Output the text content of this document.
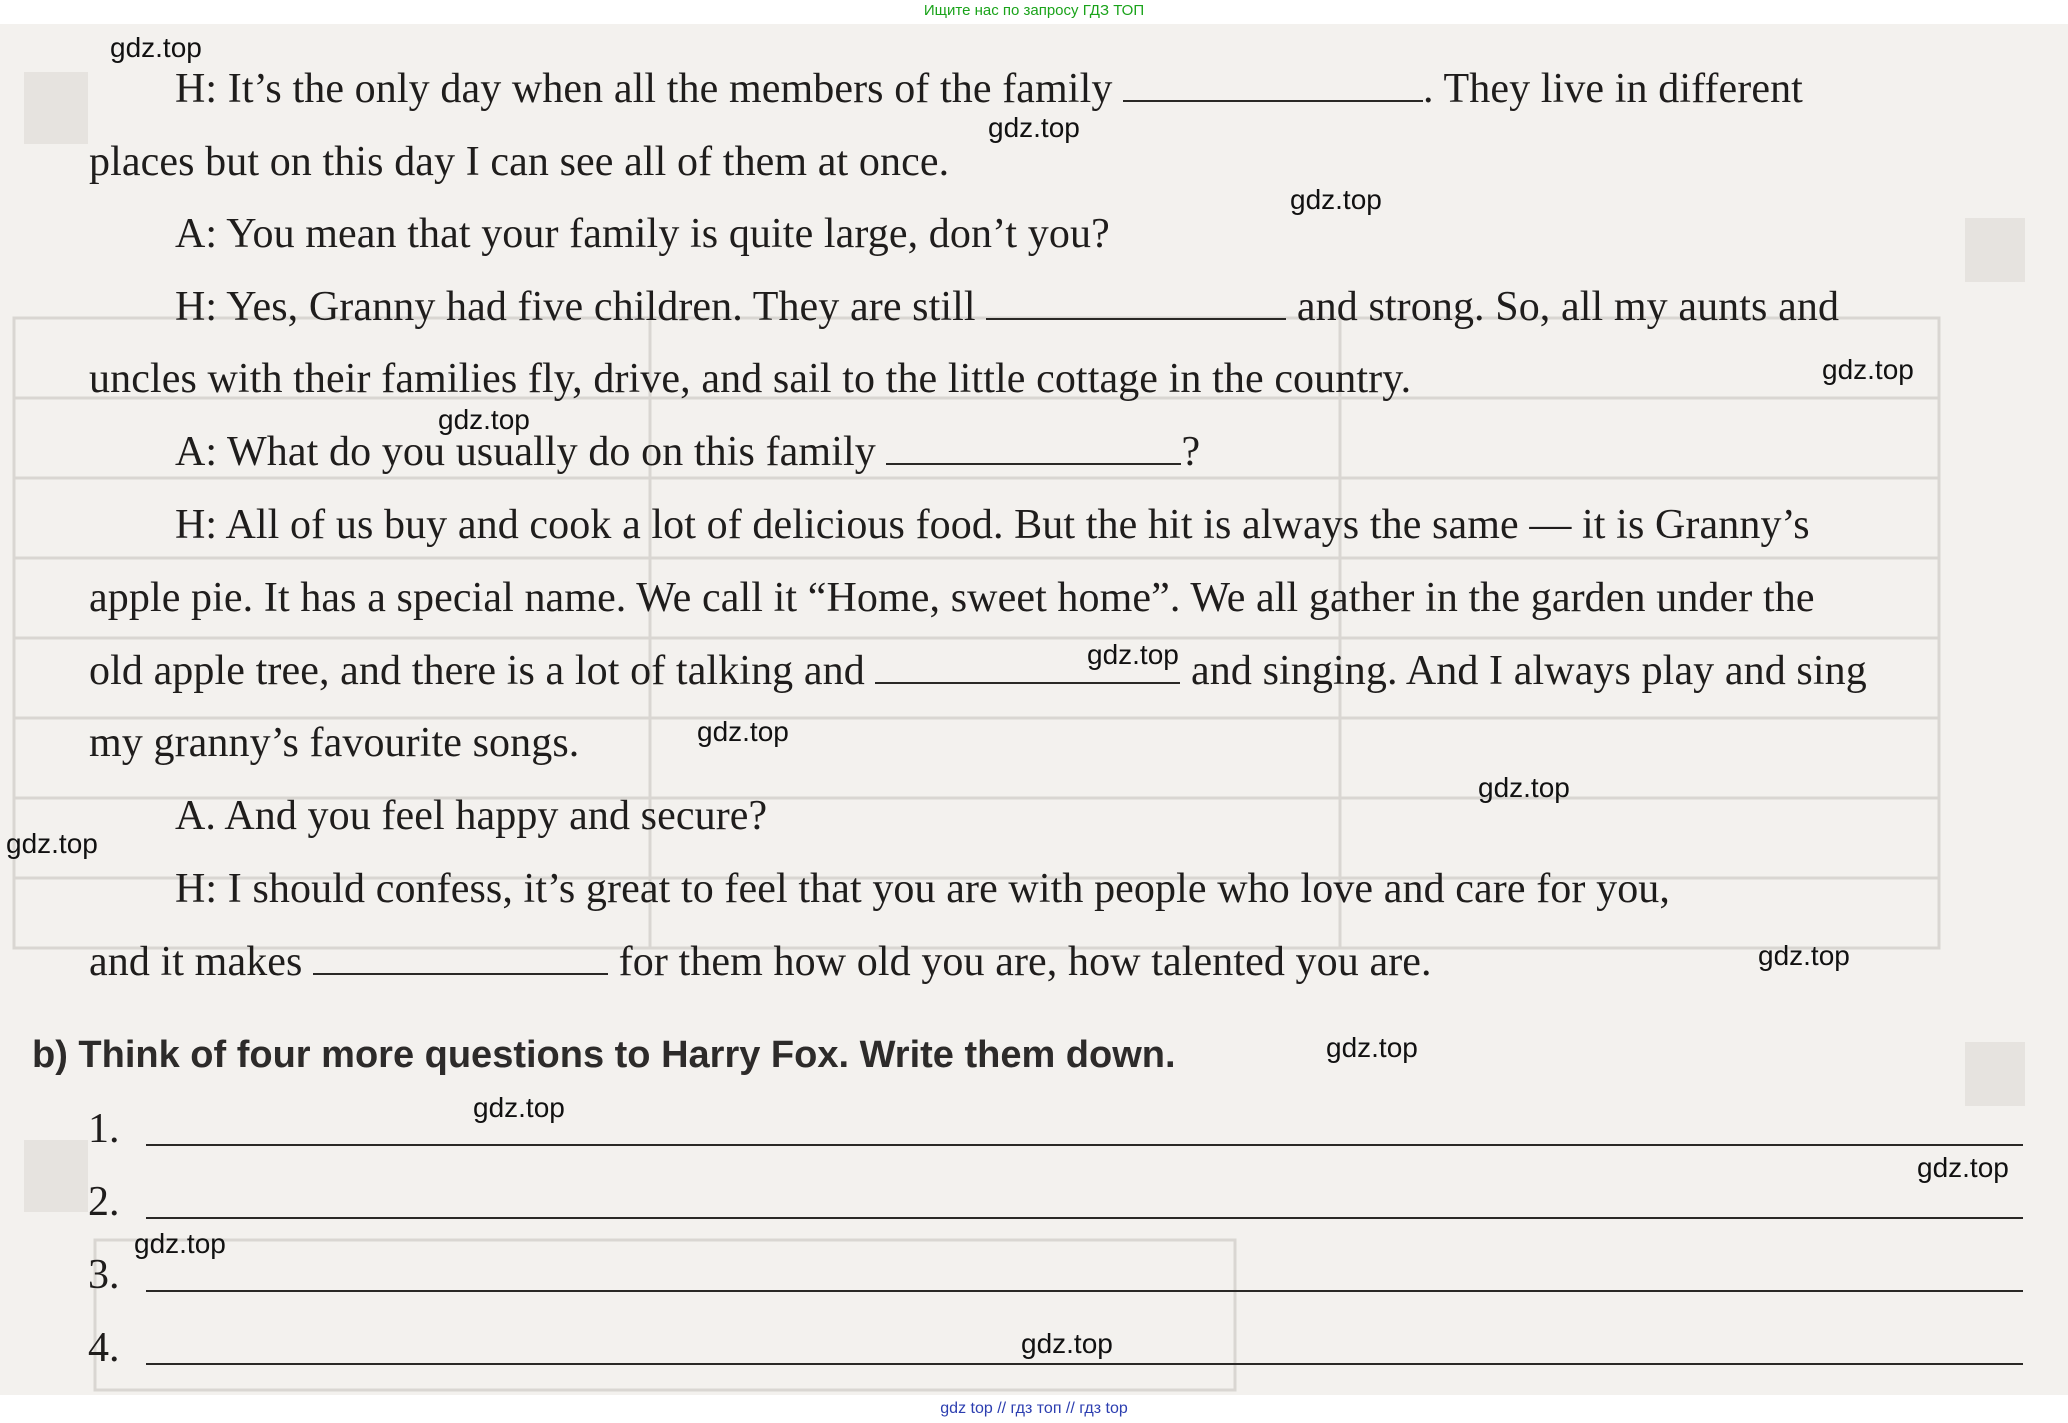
Ищите нас по запросу ГДЗ ТОП
H: It’s the only day when all the members of the family	. They live in different
places but on this day I can see all of them at once.
A: You mean that your family is quite large, don’t you?
H: Yes, Granny had five children. They are still	and strong. So, all my aunts and
uncles with their families fly, drive, and sail to the little cottage in the country.
A: What do you usually do on this family	?
H: All of us buy and cook a lot of delicious food. But the hit is always the same — it is Granny’s
apple pie. It has a special name. We call it “Home, sweet home”. We all gather in the garden under the
old apple tree, and there is a lot of talking and	and singing. And I always play and sing
my granny’s favourite songs.
A. And you feel happy and secure?
H: I should confess, it’s great to feel that you are with people who love and care for you,
and it makes	for them how old you are, how talented you are.
b) Think of four more questions to Harry Fox. Write them down.
1.
2.
3.
4.
gdz.top
gdz.top
gdz.top
gdz.top
gdz.top
gdz.top
gdz.top
gdz.top
gdz.top
gdz.top
gdz.top
gdz.top
gdz.top
gdz.top
gdz.top
gdz top // гдз топ // гдз top
